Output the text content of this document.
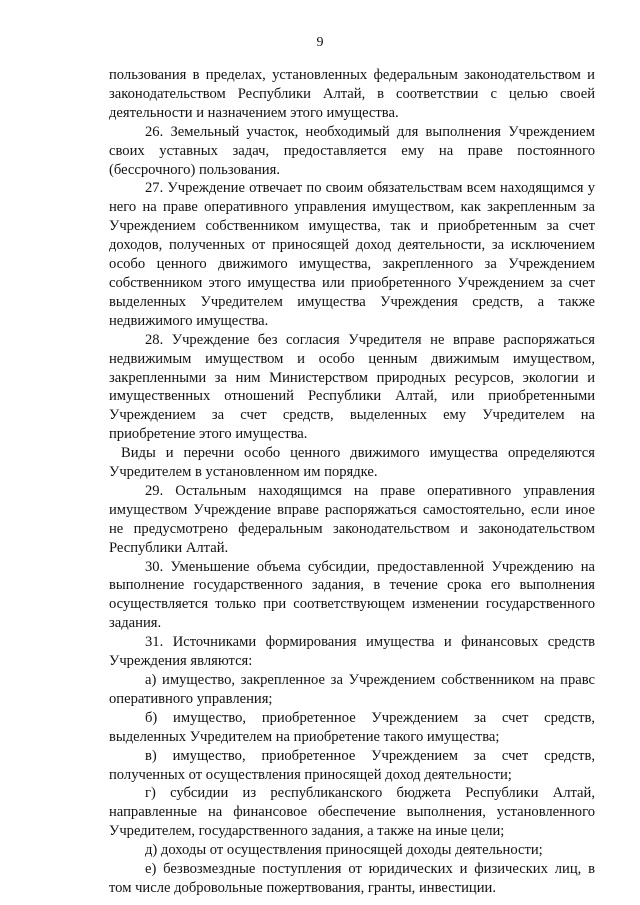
9

пользования в пределах, установленных федеральным законодательством и законодательством Республики Алтай, в соответствии с целью своей деятельности и назначением этого имущества.

26. Земельный участок, необходимый для выполнения Учреждением своих уставных задач, предоставляется ему на праве постоянного (бессрочного) пользования.

27. Учреждение отвечает по своим обязательствам всем находящимся у него на праве оперативного управления имуществом, как закрепленным за Учреждением собственником имущества, так и приобретенным за счет доходов, полученных от приносящей доход деятельности, за исключением особо ценного движимого имущества, закрепленного за Учреждением собственником этого имущества или приобретенного Учреждением за счет выделенных Учредителем имущества Учреждения средств, а также недвижимого имущества.

28. Учреждение без согласия Учредителя не вправе распоряжаться недвижимым имуществом и особо ценным движимым имуществом, закрепленными за ним Министерством природных ресурсов, экологии и имущественных отношений Республики Алтай, или приобретенными Учреждением за счет средств, выделенных ему Учредителем на приобретение этого имущества.

Виды и перечни особо ценного движимого имущества определяются Учредителем в установленном им порядке.

29. Остальным находящимся на праве оперативного управления имуществом Учреждение вправе распоряжаться самостоятельно, если иное не предусмотрено федеральным законодательством и законодательством Республики Алтай.

30. Уменьшение объема субсидии, предоставленной Учреждению на выполнение государственного задания, в течение срока его выполнения осуществляется только при соответствующем изменении государственного задания.

31. Источниками формирования имущества и финансовых средств Учреждения являются:

а) имущество, закрепленное за Учреждением собственником на правс оперативного управления;

б) имущество, приобретенное Учреждением за счет средств, выделенных Учредителем на приобретение такого имущества;

в) имущество, приобретенное Учреждением за счет средств, полученных от осуществления приносящей доход деятельности;

г) субсидии из республиканского бюджета Республики Алтай, направленные на финансовое обеспечение выполнения, установленного Учредителем, государственного задания, а также на иные цели;

д) доходы от осуществления приносящей доходы деятельности;

е) безвозмездные поступления от юридических и физических лиц, в том числе добровольные пожертвования, гранты, инвестиции.
